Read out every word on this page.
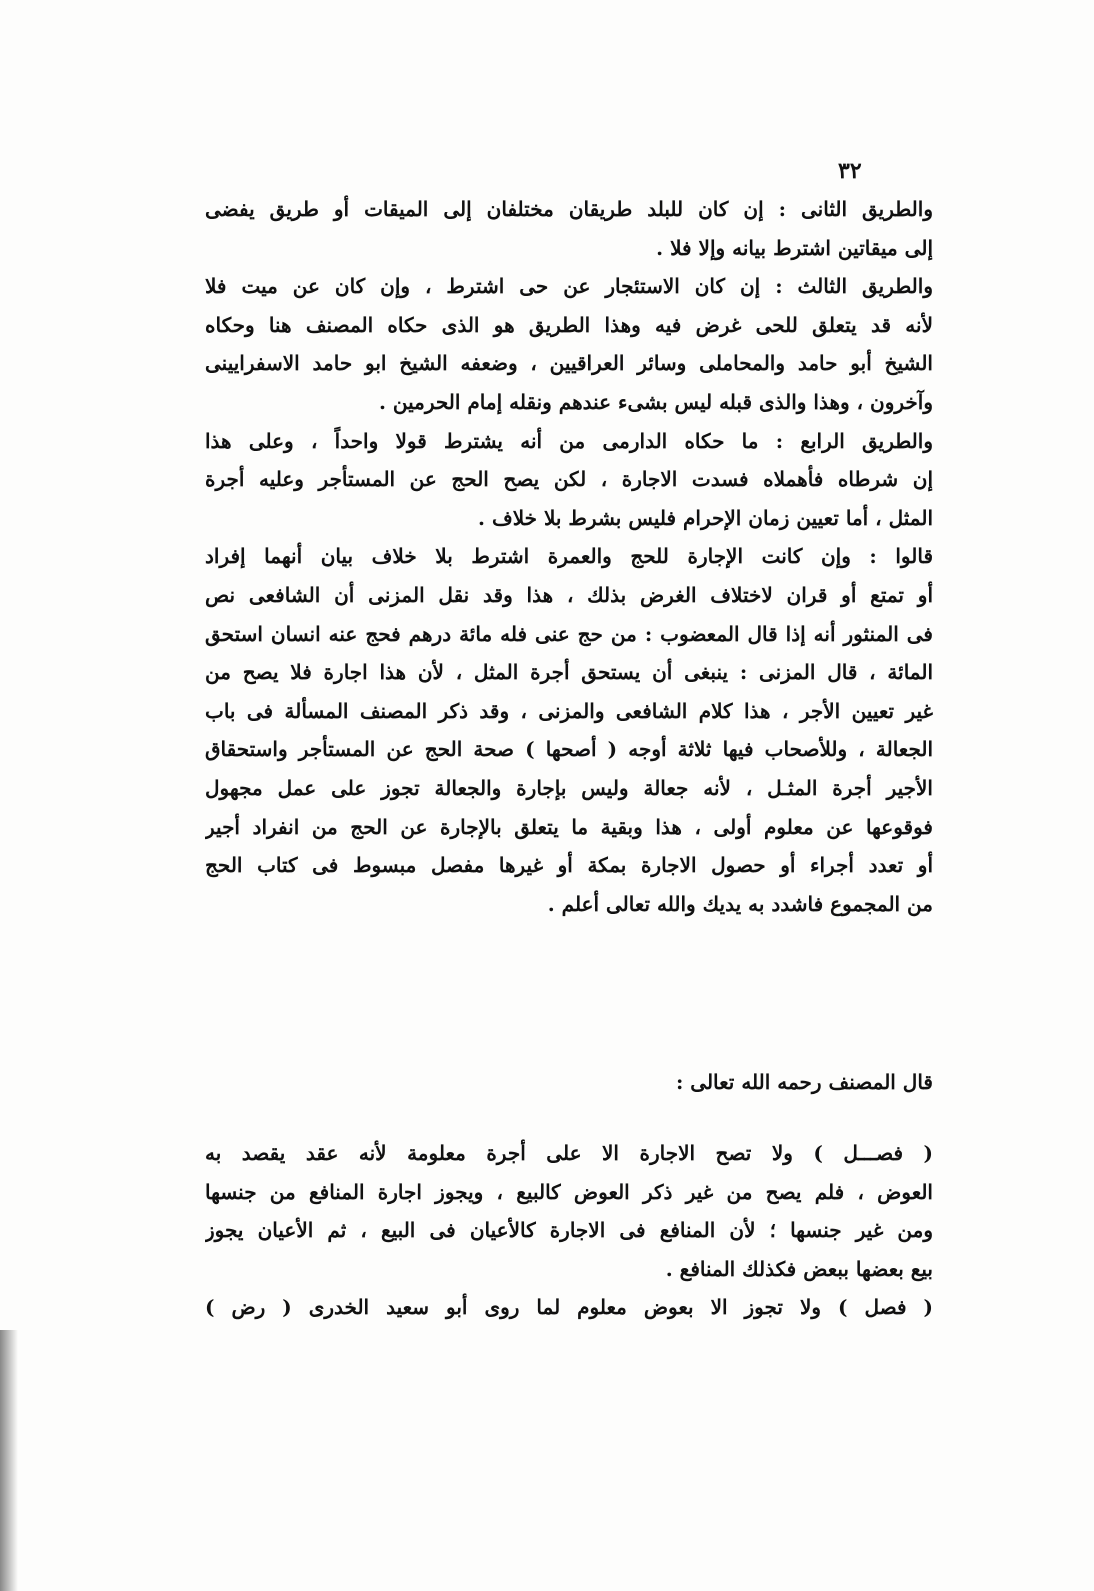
٣٢
والطريق الثانى : إن كان للبلد طريقان مختلفان إلى الميقات أو طريق يفضى
إلى ميقاتين اشترط بيانه وإلا فلا .
والطريق الثالث : إن كان الاستئجار عن حى اشترط ، وإن كان عن ميت فلا
لأنه قد يتعلق للحى غرض فيه وهذا الطريق هو الذى حكاه المصنف هنا وحكاه
الشيخ أبو حامد والمحاملى وسائر العراقيين ، وضعفه الشيخ ابو حامد الاسفرايينى
وآخرون ، وهذا والذى قبله ليس بشىء عندهم ونقله إمام الحرمين .
والطريق الرابع : ما حكاه الدارمى من أنه يشترط قولا واحداً ، وعلى هذا
إن شرطاه فأهملاه فسدت الاجارة ، لكن يصح الحج عن المستأجر وعليه أجرة
المثل ، أما تعيين زمان الإحرام فليس بشرط بلا خلاف .
قالوا : وإن كانت الإجارة للحج والعمرة اشترط بلا خلاف بيان أنهما إفراد
أو تمتع أو قران لاختلاف الغرض بذلك ، هذا وقد نقل المزنى أن الشافعى نص
فى المنثور أنه إذا قال المعضوب : من حج عنى فله مائة درهم فحج عنه انسان استحق
المائة ، قال المزنى : ينبغى أن يستحق أجرة المثل ، لأن هذا اجارة فلا يصح من
غير تعيين الأجر ، هذا كلام الشافعى والمزنى ، وقد ذكر المصنف المسألة فى باب
الجعالة ، وللأصحاب فيها ثلاثة أوجه ( أصحها ) صحة الحج عن المستأجر واستحقاق
الأجير أجرة المثـل ، لأنه جعالة وليس بإجارة والجعالة تجوز على عمل مجهول
فوقوعها عن معلوم أولى ، هذا وبقية ما يتعلق بالإجارة عن الحج من انفراد أجير
أو تعدد أجراء أو حصول الاجارة بمكة أو غيرها مفصل مبسوط فى كتاب الحج
من المجموع فاشدد به يديك والله تعالى أعلم .
قال المصنف رحمه الله تعالى :
( فصـــل ) ولا تصح الاجارة الا على أجرة معلومة لأنه عقد يقصد به
العوض ، فلم يصح من غير ذكر العوض كالبيع ، ويجوز اجارة المنافع من جنسها
ومن غير جنسها ؛ لأن المنافع فى الاجارة كالأعيان فى البيع ، ثم الأعيان يجوز
بيع بعضها ببعض فكذلك المنافع .
( فصل ) ولا تجوز الا بعوض معلوم لما روى أبو سعيد الخدرى ( رض )
